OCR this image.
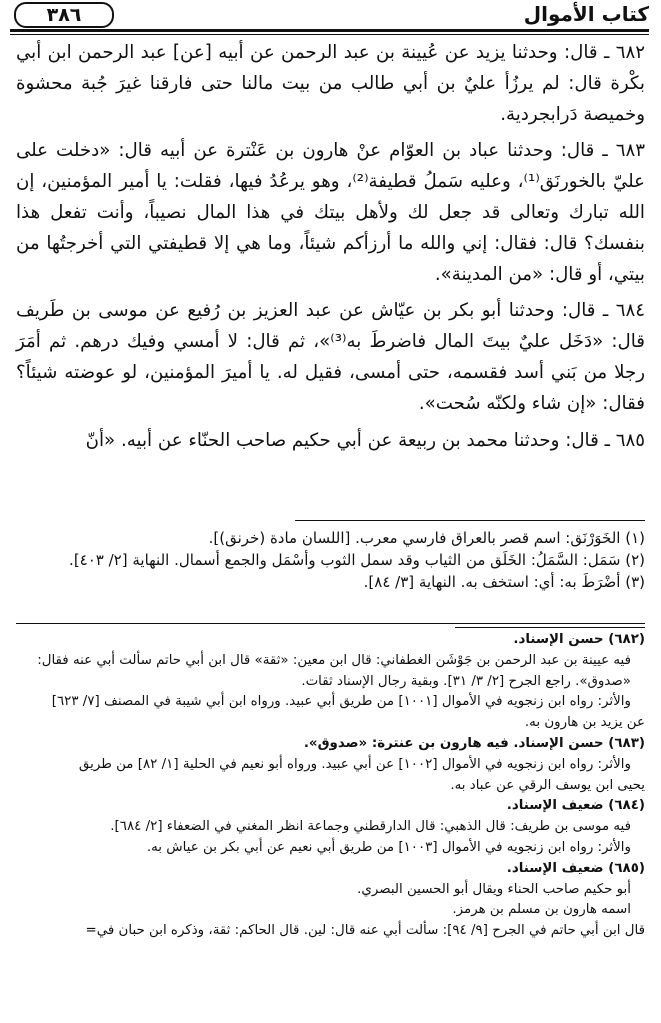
كتاب الأموال
٣٨٦

٦٨٢ ـ قال: وحدثنا يزيد عن عُيينة بن عبد الرحمن عن أبيه [عن] عبد الرحمن ابن أبي بكْرة قال: لم يرزُأ عليٌ بن أبي طالب من بيت مالنا حتى فارقنا غيرَ جُبة محشوة وخميصة دَرابجردية.

٦٨٣ ـ قال: وحدثنا عباد بن العوّام عنْ هارون بن عَنْترة عن أبيه قال: «دخلت على عليّ بالخورنَق⁽¹⁾، وعليه سَملُ قطيفة⁽²⁾، وهو يرعُدُ فيها، فقلت: يا أمير المؤمنين، إن الله تبارك وتعالى قد جعل لك ولأهل بيتك في هذا المال نصيباً، وأنت تفعل هذا بنفسك؟ قال: فقال: إني والله ما أرزأكم شيئاً، وما هي إلا قطيفتي التي أخرجتُها من بيتي، أو قال: «من المدينة».

٦٨٤ ـ قال: وحدثنا أبو بكر بن عيّاش عن عبد العزيز بن رُفيع عن موسى بن طَريف قال: «دَخَل عليٌ بيتَ المال فاضرطَ به⁽³⁾»، ثم قال: لا أمسي وفيك درهم. ثم أمَرَ رجلا من بَني أسد فقسمه، حتى أمسى، فقيل له. يا أميرَ المؤمنين، لو عوضته شيئاً؟ فقال: «إن شاء ولكنّه سُحت».

٦٨٥ ـ قال: وحدثنا محمد بن ربيعة عن أبي حكيم صاحب الحنّاء عن أبيه. «أنّ

(١) الخَوَرْنَق: اسم قصر بالعراق فارسي معرب. [اللسان مادة (خرنق)].

(٢) سَمَل: السَّمَلُ: الخَلَق من الثياب وقد سمل الثوب وأسْمَل والجمع أسمال. النهاية [٢/ ٤٠٣].

(٣) أضْرَطَ به: أي: استخف به. النهاية [٣/ ٨٤].

(٦٨٢) حسن الإسناد.

فيه عيينة بن عبد الرحمن بن جَوْشَن الغطفاني: قال ابن معين: «ثقة» قال ابن أبي حاتم سألت أبي عنه فقال:

«صدوق». راجع الجرح [٢/ ٣/ ٣١]. وبقية رجال الإسناد ثقات.

والأثر: رواه ابن زنجويه في الأموال [١٠٠١] من طريق أبي عبيد. ورواه ابن أبي شيبة في المصنف [٧/ ٦٢٣]

عن يزيد بن هارون به.

(٦٨٣) حسن الإسناد. فيه هارون بن عنترة: «صدوق».

والأثر: رواه ابن زنجويه في الأموال [١٠٠٢] عن أبي عبيد. ورواه أبو نعيم في الحلية [١/ ٨٢] من طريق

يحيى ابن يوسف الرقي عن عباد به.

(٦٨٤) ضعيف الإسناد.

فيه موسى بن طريف: قال الذهبي: قال الدارقطني وجماعة انظر المغني في الضعفاء [٢/ ٦٨٤].

والأثر: رواه ابن زنجويه في الأموال [١٠٠٣] من طريق أبي نعيم عن أبي بكر بن عياش به.

(٦٨٥) ضعيف الإسناد.

أبو حكيم صاحب الحناء ويقال أبو الحسين البصري.

اسمه هارون بن مسلم بن هرمز.

قال ابن أبي حاتم في الجرح [٩/ ٩٤]: سألت أبي عنه قال: لين. قال الحاكم: ثقة، وذكره ابن حبان في=
